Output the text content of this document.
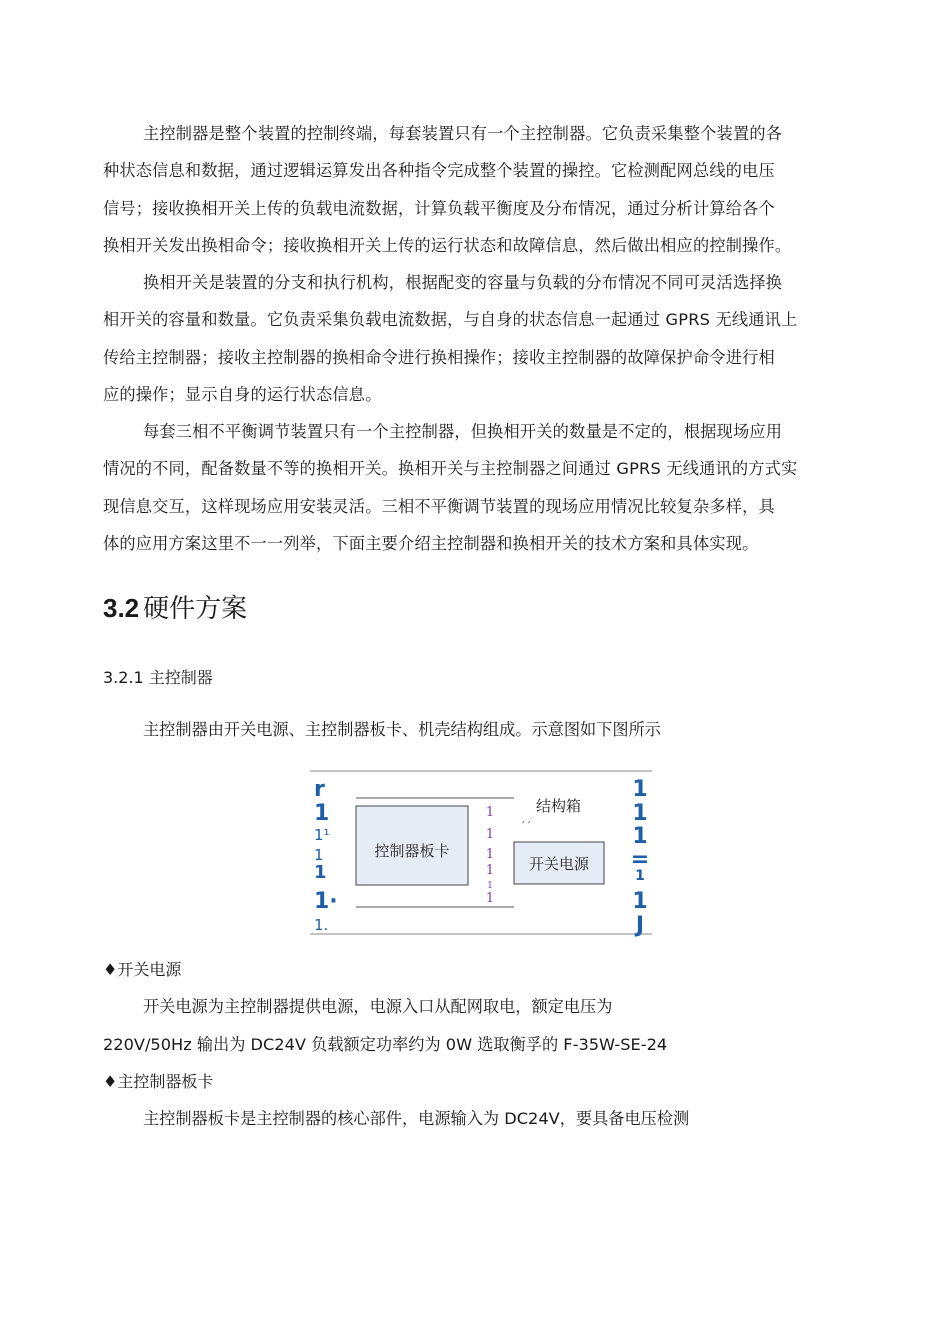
主控制器是整个装置的控制终端，每套装置只有一个主控制器。它负责采集整个装置的各
种状态信息和数据，通过逻辑运算发出各种指令完成整个装置的操控。它检测配网总线的电压
信号；接收换相开关上传的负载电流数据，计算负载平衡度及分布情况，通过分析计算给各个
换相开关发出换相命令；接收换相开关上传的运行状态和故障信息，然后做出相应的控制操作。

换相开关是装置的分支和执行机构，根据配变的容量与负载的分布情况不同可灵活选择换
相开关的容量和数量。它负责采集负载电流数据，与自身的状态信息一起通过 GPRS 无线通讯上
传给主控制器；接收主控制器的换相命令进行换相操作；接收主控制器的故障保护命令进行相
应的操作；显示自身的运行状态信息。

每套三相不平衡调节装置只有一个主控制器，但换相开关的数量是不定的，根据现场应用
情况的不同，配备数量不等的换相开关。换相开关与主控制器之间通过 GPRS 无线通讯的方式实
现信息交互，这样现场应用安装灵活。三相不平衡调节装置的现场应用情况比较复杂多样，具
体的应用方案这里不一一列举，下面主要介绍主控制器和换相开关的技术方案和具体实现。

3.2 硬件方案
3.2.1 主控制器

主控制器由开关电源、主控制器板卡、机壳结构组成。示意图如下图所示

r
1
1¹
1
1
1·
1.
控制器板卡
1
1
1
1
1
1
结构箱
, ,
开关电源
1
1
1
=
1
1
J

♦开关电源

开关电源为主控制器提供电源，电源入口从配网取电，额定电压为

220V/50Hz 输出为 DC24V 负载额定功率约为 0W 选取衡孚的 F-35W-SE-24

♦主控制器板卡

主控制器板卡是主控制器的核心部件，电源输入为 DC24V，要具备电压检测
